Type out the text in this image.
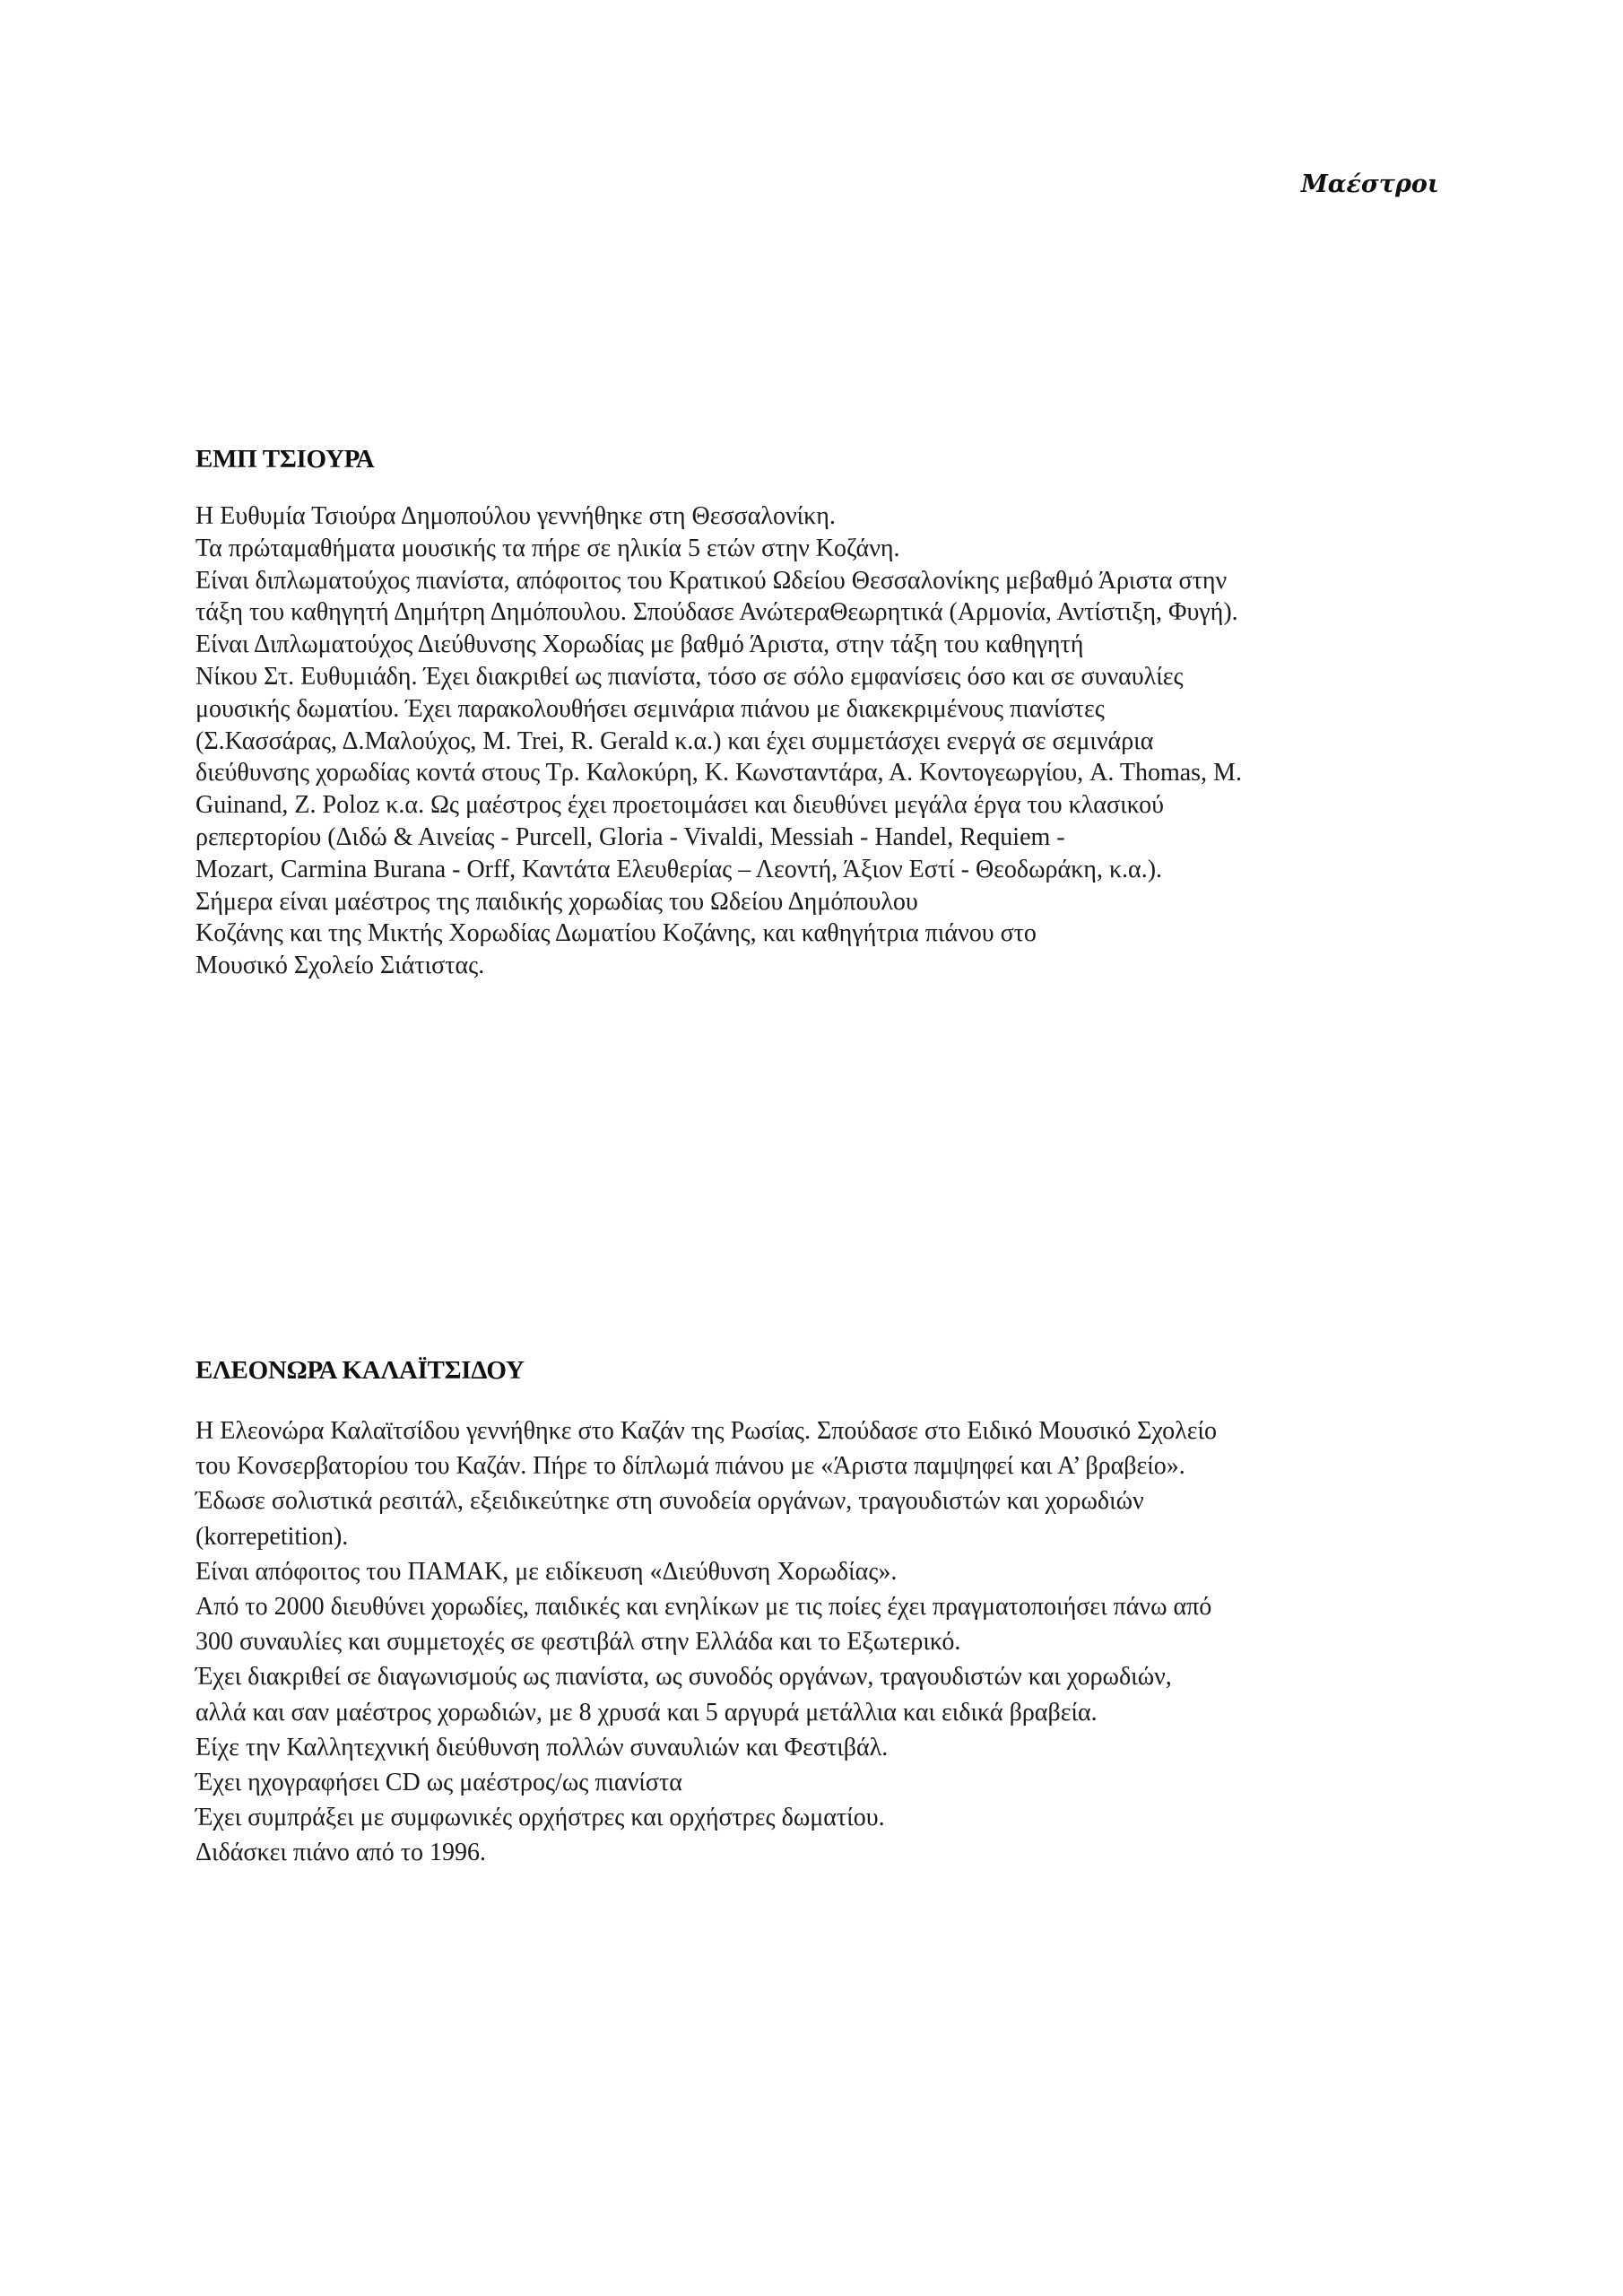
Μαέστροι
ΕΜΠ ΤΣΙΟΥΡΑ
Η Ευθυμία Τσιούρα Δημοπούλου γεννήθηκε στη Θεσσαλονίκη.
Τα πρώταμαθήματα μουσικής τα πήρε σε ηλικία 5 ετών στην Κοζάνη.
Είναι διπλωματούχος πιανίστα, απόφοιτος του Κρατικού Ωδείου Θεσσαλονίκης μεβαθμό Άριστα στην
τάξη του καθηγητή Δημήτρη Δημόπουλου. Σπούδασε ΑνώτεραΘεωρητικά (Αρμονία, Αντίστιξη, Φυγή).
Είναι Διπλωματούχος Διεύθυνσης Χορωδίας με βαθμό Άριστα, στην τάξη του καθηγητή
Νίκου Στ. Ευθυμιάδη. Έχει διακριθεί ως πιανίστα, τόσο σε σόλο εμφανίσεις όσο και σε συναυλίες
μουσικής δωματίου. Έχει παρακολουθήσει σεμινάρια πιάνου με διακεκριμένους πιανίστες
(Σ.Κασσάρας, Δ.Μαλούχος, M. Trei, R. Gerald κ.α.) και έχει συμμετάσχει ενεργά σε σεμινάρια
διεύθυνσης χορωδίας κοντά στους Τρ. Καλοκύρη, Κ. Κωνσταντάρα, Α. Κοντογεωργίου, A. Thomas, M.
Guinand, Z. Poloz κ.α. Ως μαέστρος έχει προετοιμάσει και διευθύνει μεγάλα έργα του κλασικού
ρεπερτορίου (Διδώ & Αινείας - Purcell, Gloria - Vivaldi, Messiah - Handel, Requiem -
Mozart, Carmina Burana - Orff, Καντάτα Ελευθερίας – Λεοντή, Άξιον Εστί - Θεοδωράκη, κ.α.).
Σήμερα είναι μαέστρος της παιδικής χορωδίας του Ωδείου Δημόπουλου
Κοζάνης και της Μικτής Χορωδίας Δωματίου Κοζάνης, και καθηγήτρια πιάνου στο
Μουσικό Σχολείο Σιάτιστας.
ΕΛΕΟΝΩΡΑ ΚΑΛΑΪΤΣΙΔΟΥ
Η Ελεονώρα Καλαϊτσίδου γεννήθηκε στο Καζάν της Ρωσίας. Σπούδασε στο Ειδικό Μουσικό Σχολείο
του Κονσερβατορίου του Καζάν. Πήρε το δίπλωμά πιάνου με «Άριστα παμψηφεί και Α’ βραβείο».
Έδωσε σολιστικά ρεσιτάλ, εξειδικεύτηκε στη συνοδεία οργάνων, τραγουδιστών και χορωδιών
(korrepetition).
Είναι απόφοιτος του ΠΑΜΑΚ, με ειδίκευση «Διεύθυνση Χορωδίας».
Από το 2000 διευθύνει χορωδίες, παιδικές και ενηλίκων με τις ποίες έχει πραγματοποιήσει πάνω από
300 συναυλίες και συμμετοχές σε φεστιβάλ στην Ελλάδα και το Εξωτερικό.
Έχει διακριθεί σε διαγωνισμούς ως πιανίστα, ως συνοδός οργάνων, τραγουδιστών και χορωδιών,
αλλά και σαν μαέστρος χορωδιών, με 8 χρυσά και 5 αργυρά μετάλλια και ειδικά βραβεία.
Είχε την Καλλητεχνική διεύθυνση πολλών συναυλιών και Φεστιβάλ.
Έχει ηχογραφήσει CD ως μαέστρος/ως πιανίστα
Έχει συμπράξει με συμφωνικές ορχήστρες και ορχήστρες δωματίου.
Διδάσκει πιάνο από το 1996.
